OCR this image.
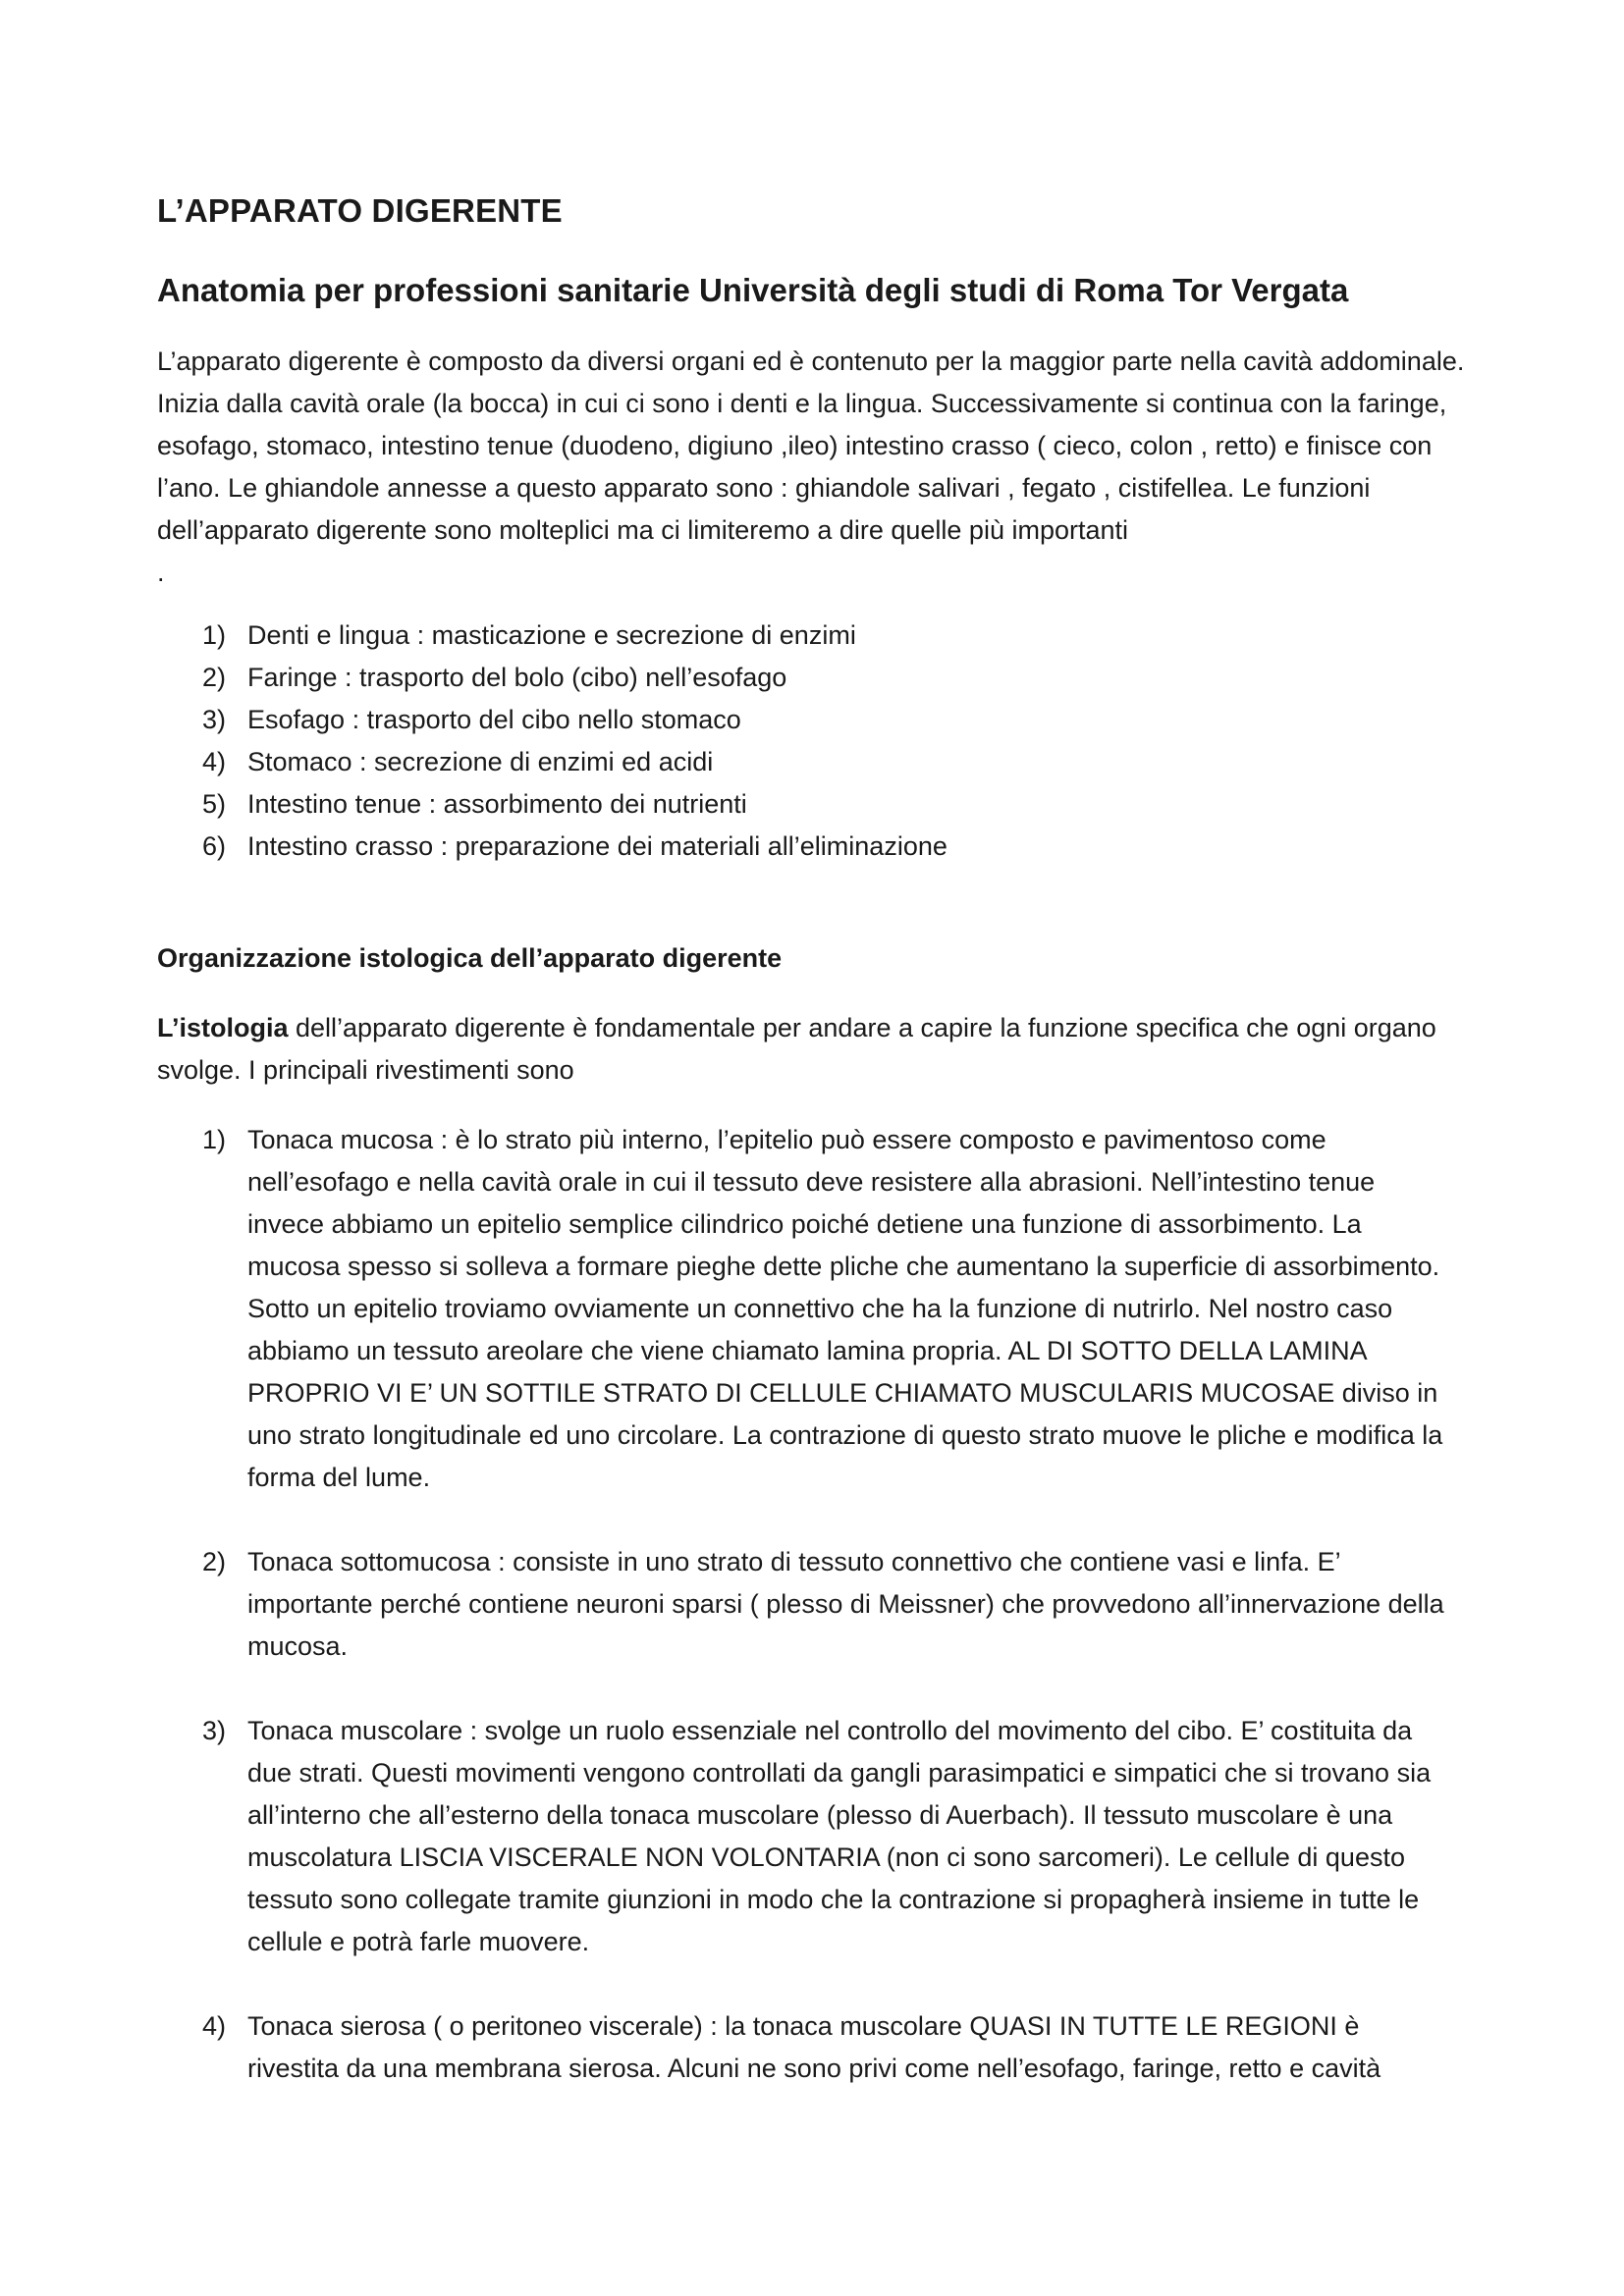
L’APPARATO DIGERENTE
Anatomia per professioni sanitarie Università degli studi di Roma Tor Vergata

L’apparato digerente è composto da diversi organi ed è contenuto per la maggior parte nella cavità addominale. Inizia dalla cavità orale (la bocca) in cui ci sono i denti e la lingua. Successivamente si continua con la faringe, esofago, stomaco, intestino tenue (duodeno, digiuno ,ileo) intestino crasso ( cieco, colon , retto) e finisce con l’ano. Le ghiandole annesse a questo apparato sono : ghiandole salivari , fegato , cistifellea. Le funzioni dell’apparato digerente sono molteplici ma ci limiteremo a dire quelle più importanti

.
1) Denti e lingua : masticazione e secrezione di enzimi
2) Faringe : trasporto del bolo (cibo) nell’esofago
3) Esofago : trasporto del cibo nello stomaco
4) Stomaco : secrezione di enzimi ed acidi
5) Intestino tenue : assorbimento dei nutrienti
6) Intestino crasso : preparazione dei materiali all’eliminazione
Organizzazione istologica dell’apparato digerente

L’istologia dell’apparato digerente è fondamentale per andare a capire la funzione specifica che ogni organo svolge. I principali rivestimenti sono

1) Tonaca mucosa : è lo strato più interno, l’epitelio può essere composto e pavimentoso come nell’esofago e nella cavità orale in cui il tessuto deve resistere alla abrasioni. Nell’intestino tenue invece abbiamo un epitelio semplice cilindrico poiché detiene una funzione di assorbimento. La mucosa spesso si solleva a formare pieghe dette pliche che aumentano la superficie di assorbimento. Sotto un epitelio troviamo ovviamente un connettivo che ha la funzione di nutrirlo. Nel nostro caso abbiamo un tessuto areolare che viene chiamato lamina propria. AL DI SOTTO DELLA LAMINA PROPRIO VI E’ UN SOTTILE STRATO DI CELLULE CHIAMATO MUSCULARIS MUCOSAE diviso in uno strato longitudinale ed uno circolare. La contrazione di questo strato muove le pliche e modifica la forma del lume.
2) Tonaca sottomucosa : consiste in uno strato di tessuto connettivo che contiene vasi e linfa. E’ importante perché contiene neuroni sparsi ( plesso di Meissner) che provvedono all’innervazione della mucosa.
3) Tonaca muscolare : svolge un ruolo essenziale nel controllo del movimento del cibo. E’ costituita da due strati. Questi movimenti vengono controllati da gangli parasimpatici e simpatici che si trovano sia all’interno che all’esterno della tonaca muscolare (plesso di Auerbach). Il tessuto muscolare è una muscolatura LISCIA VISCERALE NON VOLONTARIA (non ci sono sarcomeri). Le cellule di questo tessuto sono collegate tramite giunzioni in modo che la contrazione si propagherà insieme in tutte le cellule e potrà farle muovere.
4) Tonaca sierosa ( o peritoneo viscerale) : la tonaca muscolare QUASI IN TUTTE LE REGIONI è rivestita da una membrana sierosa. Alcuni ne sono privi come nell’esofago, faringe, retto e cavità
